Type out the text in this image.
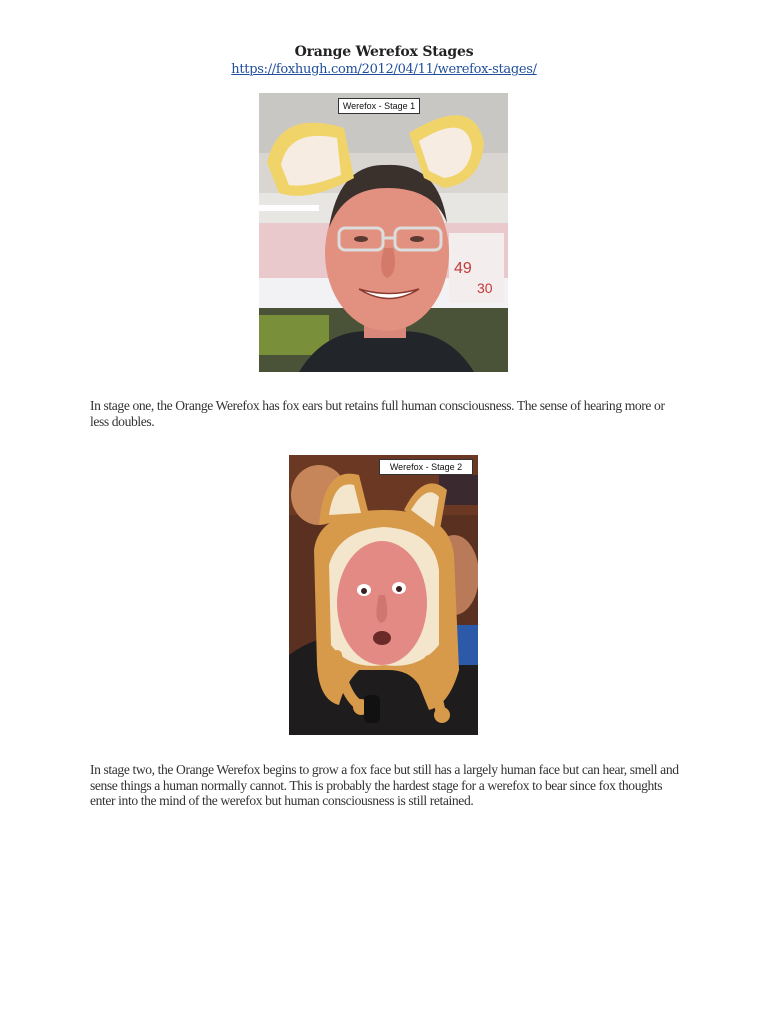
Orange Werefox Stages
https://foxhugh.com/2012/04/11/werefox-stages/
49
30
Werefox - Stage 1
In stage one, the Orange Werefox has fox ears but retains full human consciousness. The sense of hearing more or less doubles.
Werefox - Stage 2
In stage two, the Orange Werefox begins to grow a fox face but still has a largely human face but can hear, smell and sense things a human normally cannot. This is probably the hardest stage for a werefox to bear since fox thoughts enter into the mind of the werefox but human consciousness is still retained.
